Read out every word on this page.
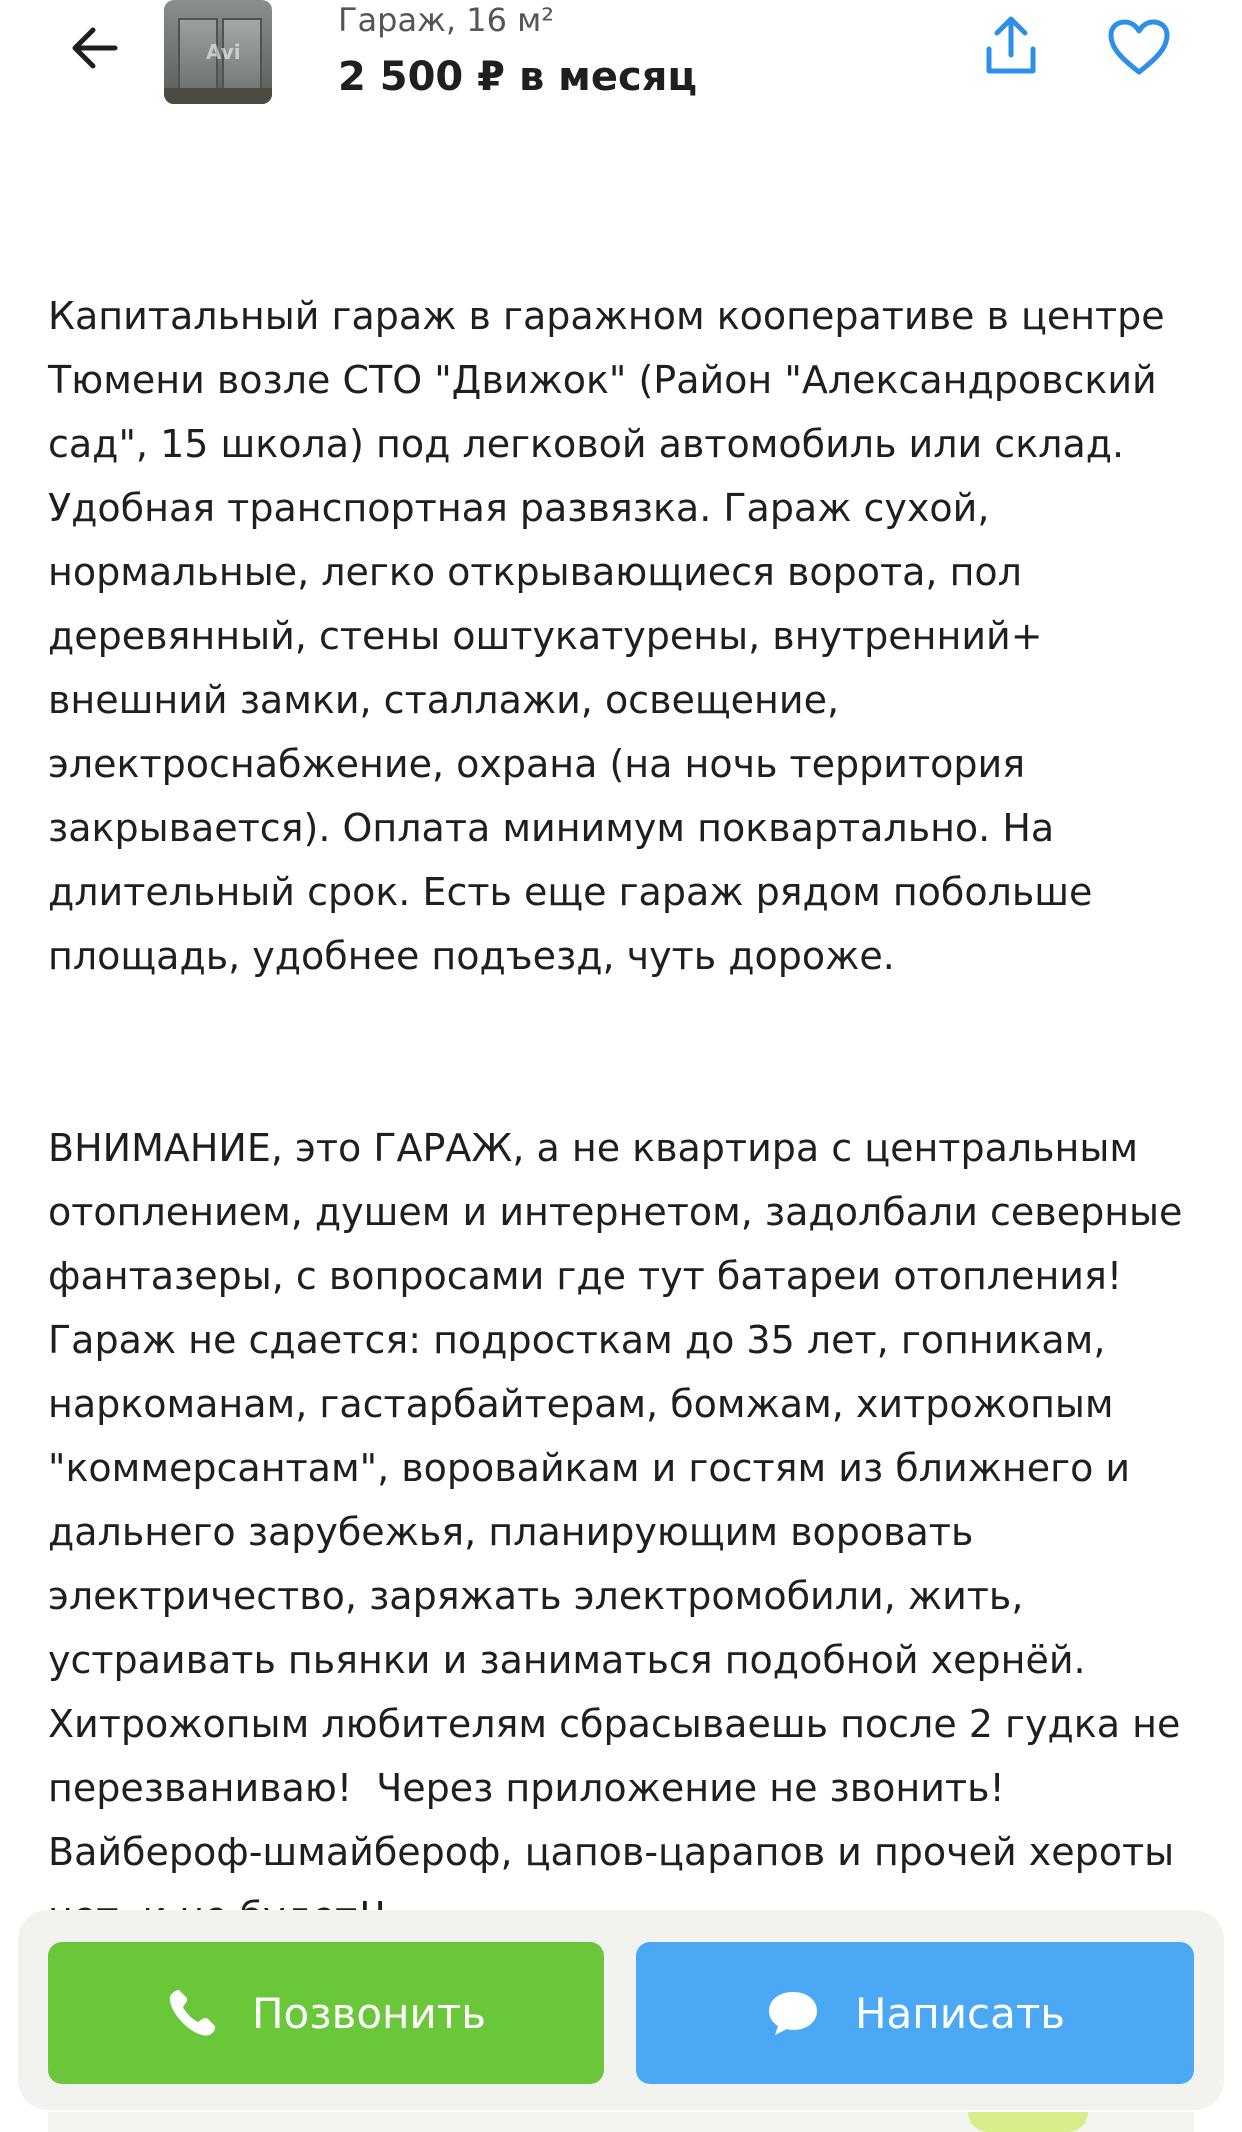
Avi
Гараж, 16 м²
2 500 ₽ в месяц

Капитальный гараж в гаражном кооперативе в центре Тюмени возле СТО "Движок" (Район "Александровский сад", 15 школа) под легковой автомобиль или склад. Удобная транспортная развязка. Гараж сухой, нормальные, легко открывающиеся ворота, пол деревянный, стены оштукатурены, внутренний+ внешний замки, сталлажи, освещение, электроснабжение, охрана (на ночь территория закрывается). Оплата минимум поквартально. На длительный срок. Есть еще гараж рядом побольше площадь, удобнее подъезд, чуть дороже.

ВНИМАНИЕ, это ГАРАЖ, а не квартира с центральным отоплением, душем и интернетом, задолбали северные фантазеры, с вопросами где тут батареи отопления! Гараж не сдается: подросткам до 35 лет, гопникам, наркоманам, гастарбайтерам, бомжам, хитрожопым "коммерсантам", воровайкам и гостям из ближнего и дальнего зарубежья, планирующим воровать электричество, заряжать электромобили, жить, устраивать пьянки и заниматься подобной хернёй. Хитрожопым любителям сбрасываешь после 2 гудка не перезваниваю!  Через приложение не звонить! Вайбероф-шмайбероф, цапов-царапов и прочей хероты

Позвонить	Написать
